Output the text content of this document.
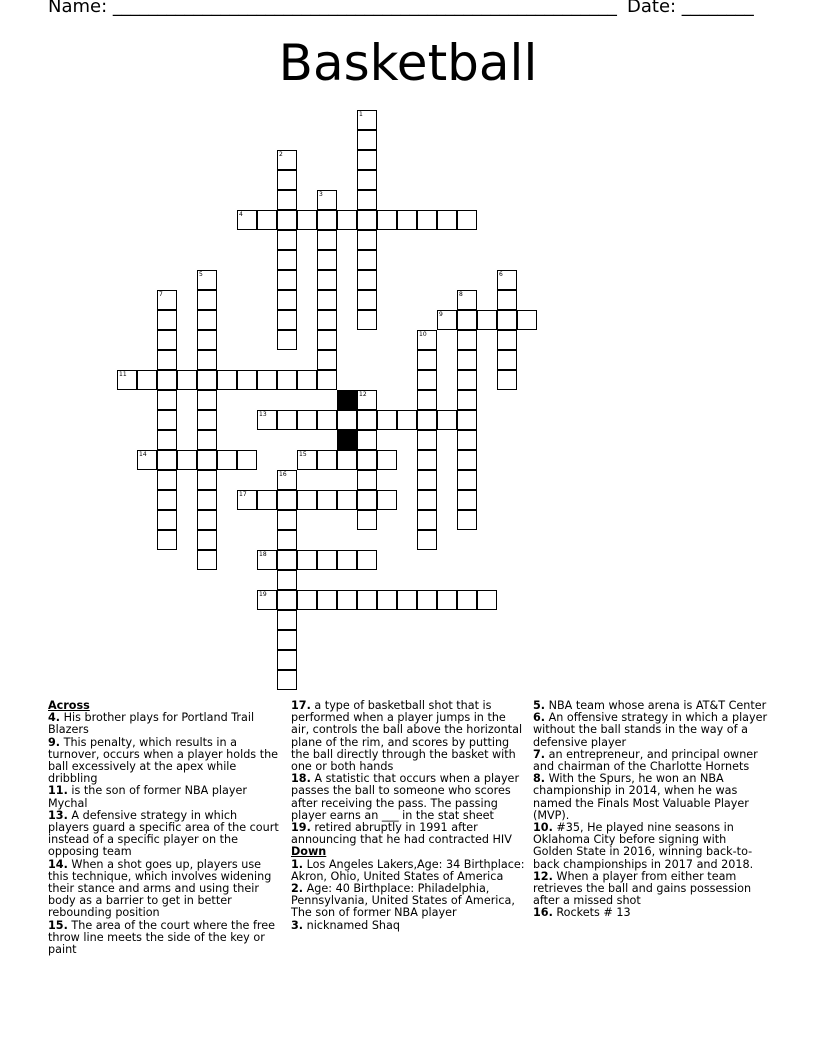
Name: ________________________________________________________ Date: ________
Basketball
1
2
3
4
5	6
7	8
9
10
11
12
13
14	15
16
17
18
19
Across
4. His brother plays for Portland Trail Blazers
9. This penalty, which results in a turnover, occurs when a player holds the ball excessively at the apex while dribbling
11. is the son of former NBA player Mychal
13. A defensive strategy in which players guard a specific area of the court instead of a specific player on the opposing team
14. When a shot goes up, players use this technique, which involves widening their stance and arms and using their body as a barrier to get in better rebounding position
15. The area of the court where the free throw line meets the side of the key or paint
17. a type of basketball shot that is performed when a player jumps in the air, controls the ball above the horizontal plane of the rim, and scores by putting the ball directly through the basket with one or both hands
18. A statistic that occurs when a player passes the ball to someone who scores after receiving the pass. The passing player earns an ___ in the stat sheet
19. retired abruptly in 1991 after announcing that he had contracted HIV
Down
1. Los Angeles Lakers,Age: 34 Birthplace: Akron, Ohio, United States of America
2. Age: 40 Birthplace: Philadelphia, Pennsylvania, United States of America, The son of former NBA player
3. nicknamed Shaq
5. NBA team whose arena is AT&T Center
6. An offensive strategy in which a player without the ball stands in the way of a defensive player
7. an entrepreneur, and principal owner and chairman of the Charlotte Hornets
8. With the Spurs, he won an NBA championship in 2014, when he was named the Finals Most Valuable Player (MVP).
10. #35, He played nine seasons in Oklahoma City before signing with Golden State in 2016, winning back-to-back championships in 2017 and 2018.
12. When a player from either team retrieves the ball and gains possession after a missed shot
16. Rockets # 13
